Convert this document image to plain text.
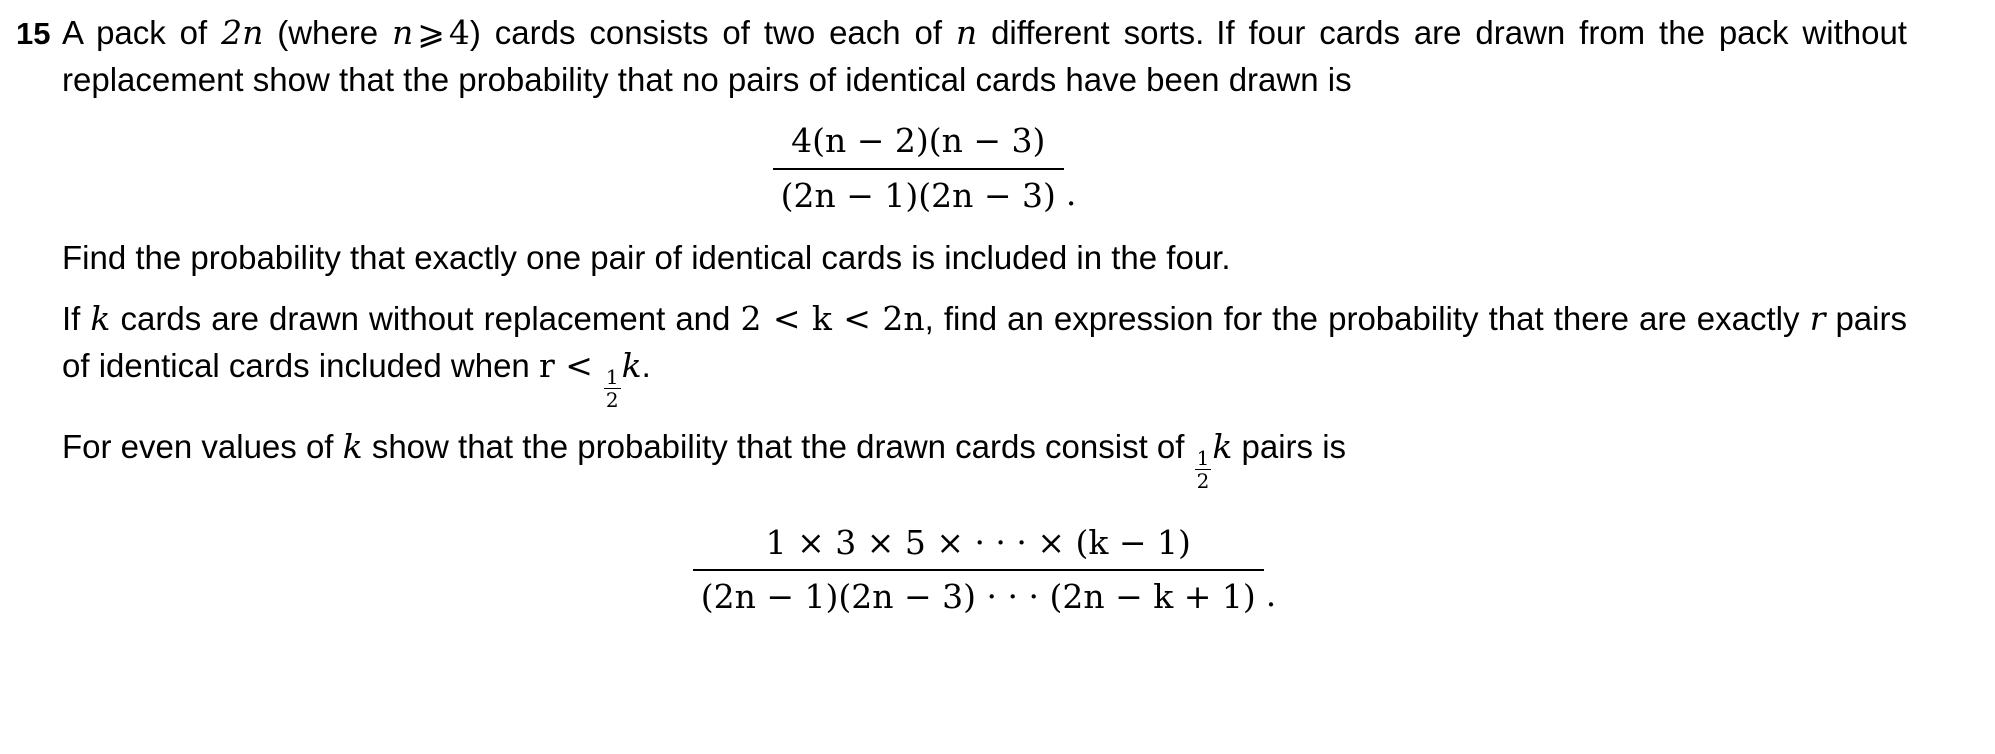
15 A pack of 2n (where n ⩾ 4) cards consists of two each of n different sorts. If four cards are drawn from the pack without replacement show that the probability that no pairs of identical cards have been drawn is

$\frac{4(n - 2)(n - 3)}{(2n - 1)(2n - 3)}$ .

Find the probability that exactly one pair of identical cards is included in the four.

If k cards are drawn without replacement and 2 < k < 2n, find an expression for the probability that there are exactly r pairs of identical cards included when r <
$\frac{1}{2}$
k.

For even values of k show that the probability that the drawn cards consist of
$\frac{1}{2}$
k pairs is

$\frac{1 \times 3 \times 5 \times \cdot \cdot \cdot \times (k - 1)}{(2n - 1)(2n - 3) \cdot \cdot \cdot (2n - k + 1)}$ .
